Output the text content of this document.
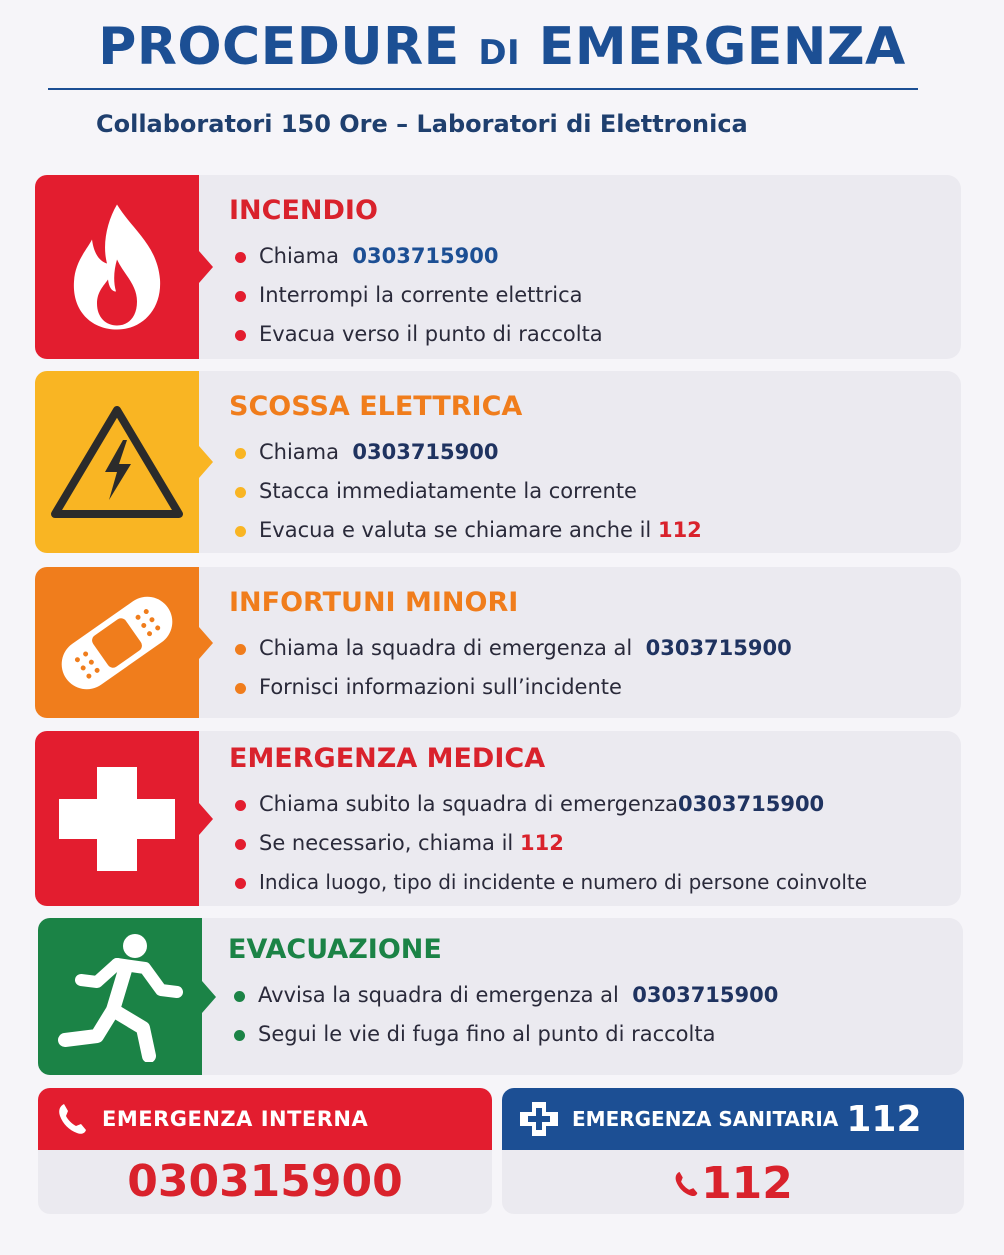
PROCEDURE DI EMERGENZA
Collaboratori 150 Ore – Laboratori di Elettronica
INCENDIO
Chiama 0303715900
Interrompi la corrente elettrica
Evacua verso il punto di raccolta
SCOSSA ELETTRICA
Chiama 0303715900
Stacca immediatamente la corrente
Evacua e valuta se chiamare anche il 112
INFORTUNI MINORI
Chiama la squadra di emergenza al 0303715900
Fornisci informazioni sull’incidente
EMERGENZA MEDICA
Chiama subito la squadra di emergenza0303715900
Se necessario, chiama il 112
Indica luogo, tipo di incidente e numero di persone coinvolte
EVACUAZIONE
Avvisa la squadra di emergenza al 0303715900
Segui le vie di fuga fino al punto di raccolta
EMERGENZA INTERNA
030315900
EMERGENZA SANITARIA 112
112
